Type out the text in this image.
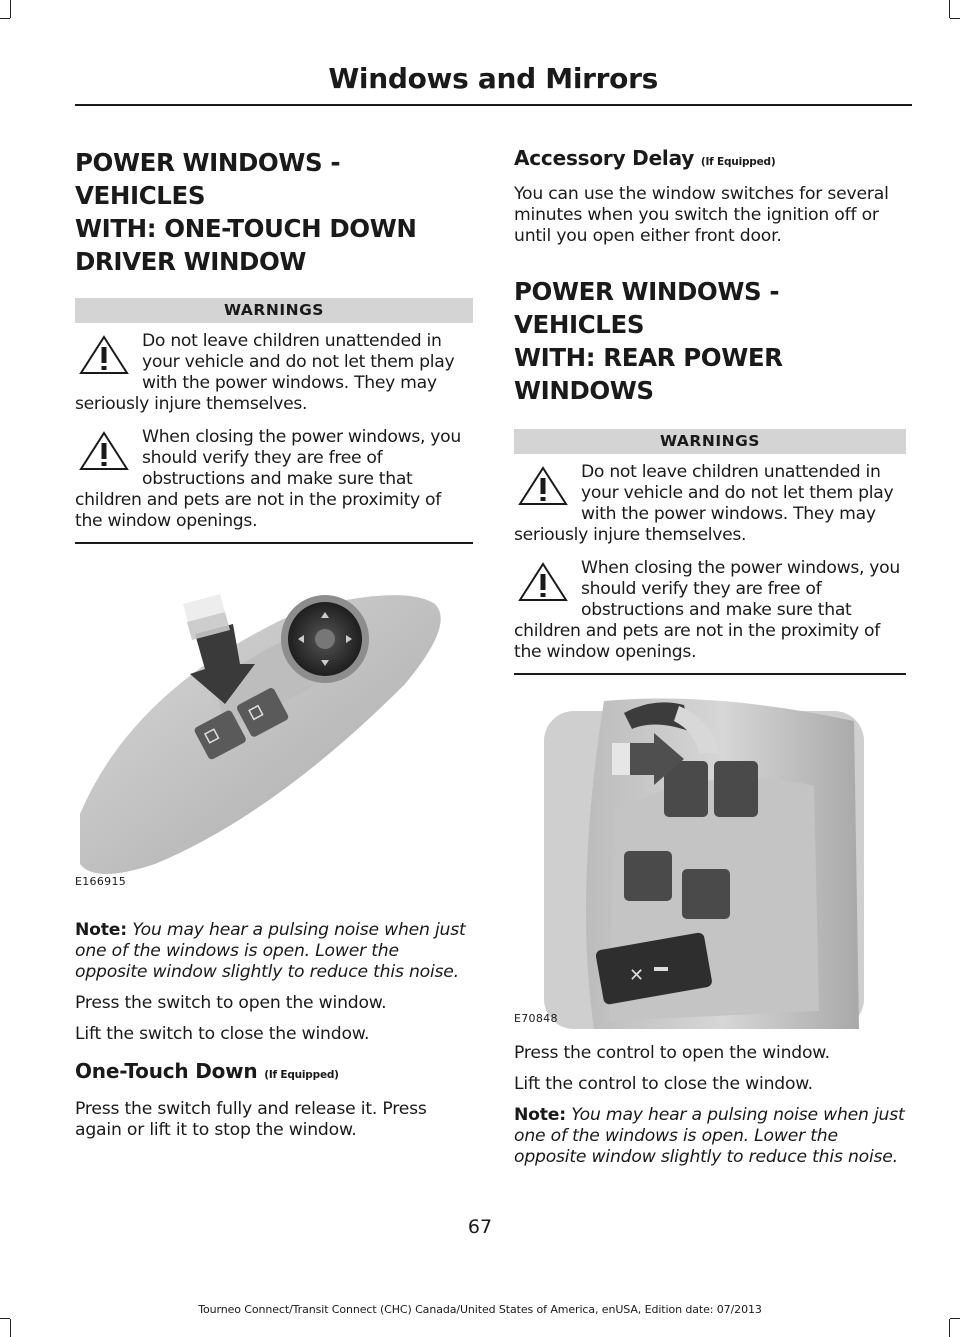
Windows and Mirrors
POWER WINDOWS - VEHICLES
WITH: ONE-TOUCH DOWN
DRIVER WINDOW
WARNINGS
Do not leave children unattended in your vehicle and do not let them play with the power windows. They may seriously injure themselves.
When closing the power windows, you should verify they are free of obstructions and make sure that children and pets are not in the proximity of the window openings.
E166915

Note: You may hear a pulsing noise when just one of the windows is open. Lower the opposite window slightly to reduce this noise.

Press the switch to open the window.

Lift the switch to close the window.

One-Touch Down (If Equipped)

Press the switch fully and release it. Press again or lift it to stop the window.

Accessory Delay (If Equipped)

You can use the window switches for several minutes when you switch the ignition off or until you open either front door.

POWER WINDOWS - VEHICLES
WITH: REAR POWER
WINDOWS
WARNINGS
Do not leave children unattended in your vehicle and do not let them play with the power windows. They may seriously injure themselves.
When closing the power windows, you should verify they are free of obstructions and make sure that children and pets are not in the proximity of the window openings.
✕
E70848

Press the control to open the window.

Lift the control to close the window.

Note: You may hear a pulsing noise when just one of the windows is open. Lower the opposite window slightly to reduce this noise.

67
Tourneo Connect/Transit Connect (CHC) Canada/United States of America, enUSA, Edition date: 07/2013
